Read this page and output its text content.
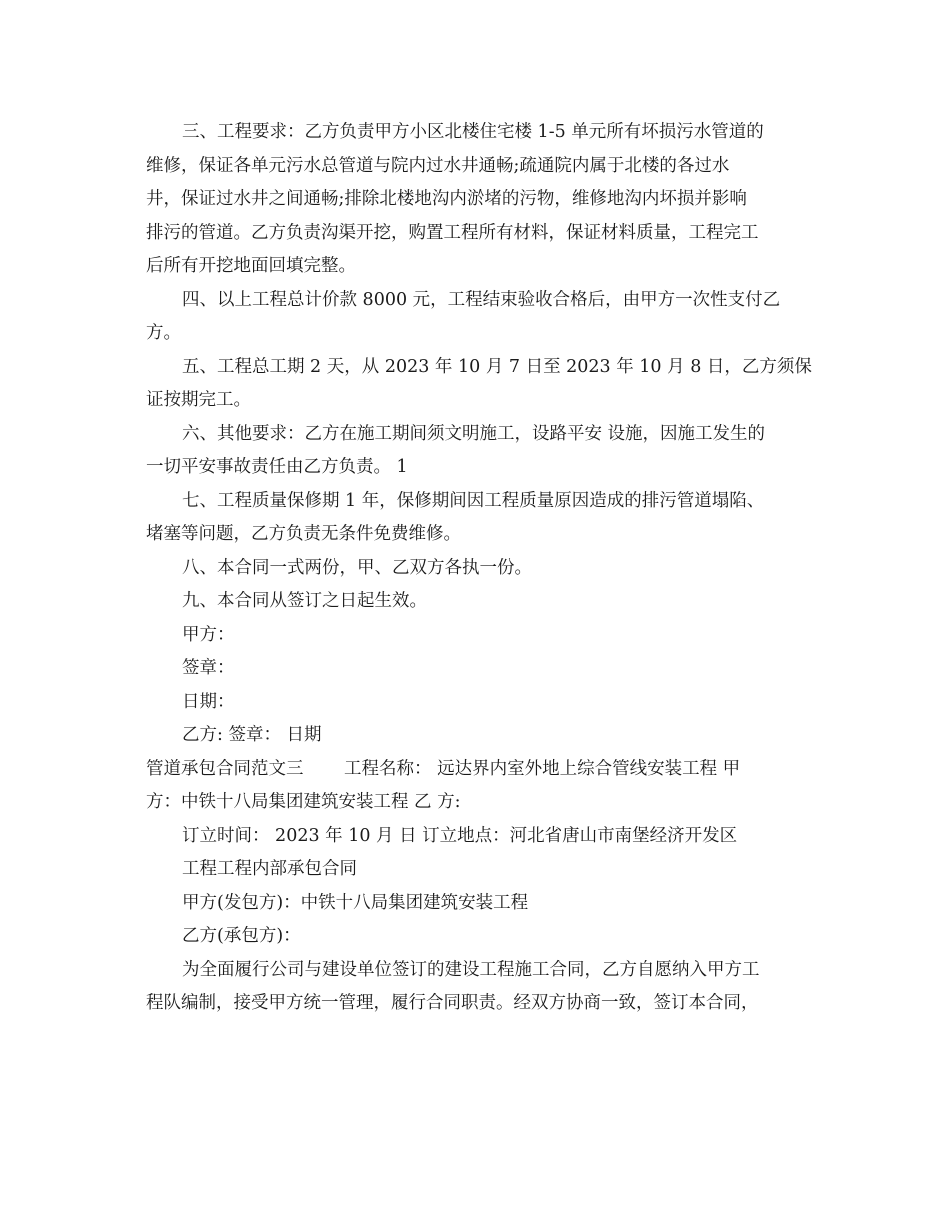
三、工程要求：乙方负责甲方小区北楼住宅楼 1-5 单元所有坏损污水管道的
维修，保证各单元污水总管道与院内过水井通畅;疏通院内属于北楼的各过水
井，保证过水井之间通畅;排除北楼地沟内淤堵的污物，维修地沟内坏损并影响
排污的管道。乙方负责沟渠开挖，购置工程所有材料，保证材料质量，工程完工
后所有开挖地面回填完整。
四、以上工程总计价款 8000 元，工程结束验收合格后，由甲方一次性支付乙
方。
五、工程总工期 2 天，从 2023 年 10 月 7 日至 2023 年 10 月 8 日，乙方须保
证按期完工。
六、其他要求：乙方在施工期间须文明施工，设路平安 设施，因施工发生的
一切平安事故责任由乙方负责。 1
七、工程质量保修期 1 年，保修期间因工程质量原因造成的排污管道塌陷、
堵塞等问题，乙方负责无条件免费维修。
八、本合同一式两份，甲、乙双方各执一份。
九、本合同从签订之日起生效。
甲方：
签章：
日期：
乙方: 签章： 日期
管道承包合同范文三　　 工程名称： 远达界内室外地上综合管线安装工程 甲
方：中铁十八局集团建筑安装工程 乙 方:
订立时间： 2023 年 10 月 日 订立地点：河北省唐山市南堡经济开发区
工程工程内部承包合同
甲方(发包方)：中铁十八局集团建筑安装工程
乙方(承包方)：
为全面履行公司与建设单位签订的建设工程施工合同，乙方自愿纳入甲方工
程队编制，接受甲方统一管理，履行合同职责。经双方协商一致，签订本合同，
